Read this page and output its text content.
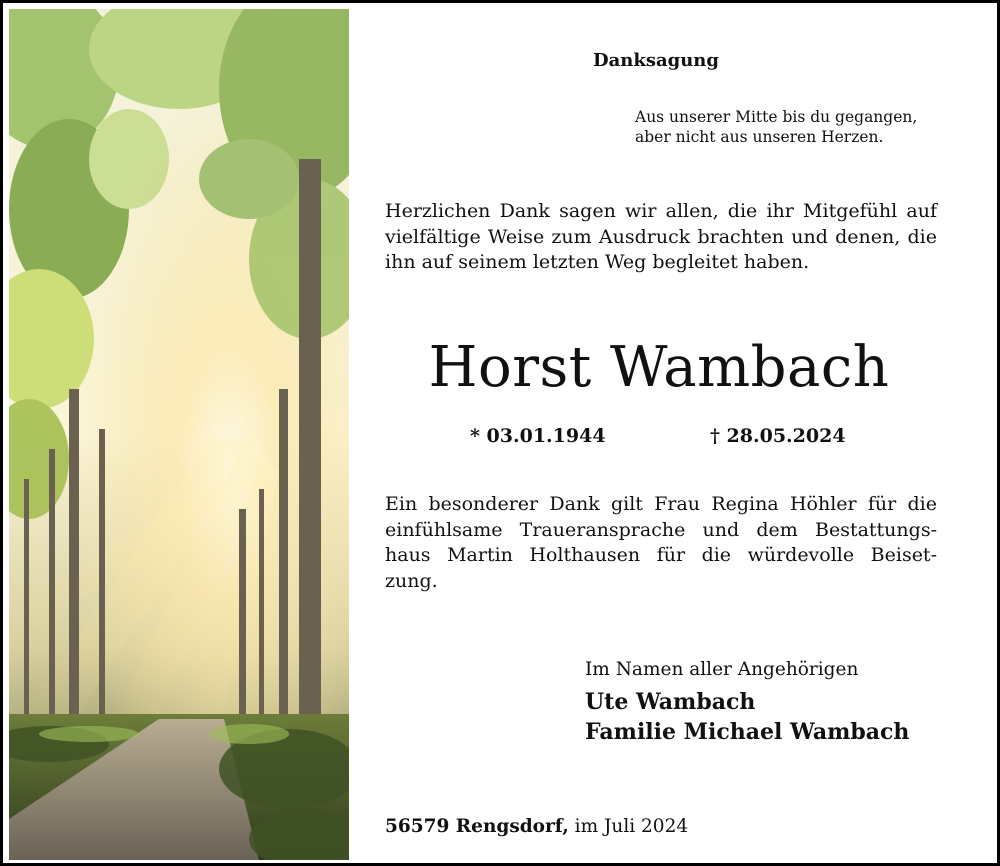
Danksagung
Aus unserer Mitte bis du gegangen,
aber nicht aus unseren Herzen.
Herzlichen Dank sagen wir allen, die ihr Mitgefühl auf vielfältige Weise zum Ausdruck brachten und denen, die ihn auf seinem letzten Weg begleitet haben.
Horst Wambach
* 03.01.1944	† 28.05.2024
Ein besonderer Dank gilt Frau Regina Höhler für die
einfühlsame Traueransprache und dem Bestattungs-
haus Martin Holthausen für die würdevolle Beiset-
zung.
Im Namen aller Angehörigen
Ute Wambach
Familie Michael Wambach
56579 Rengsdorf, im Juli 2024
